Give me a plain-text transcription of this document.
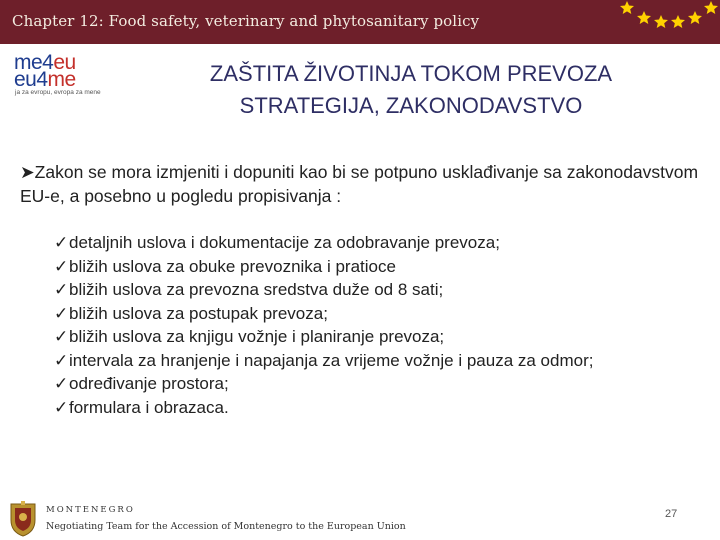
Chapter 12: Food safety, veterinary and phytosanitary policy
me4eu
eu4me
ja za evropu, evropa za mene
ZAŠTITA ŽIVOTINJA TOKOM PREVOZA
STRATEGIJA, ZAKONODAVSTVO
➤Zakon se mora izmjeniti i dopuniti kao bi se potpuno usklađivanje sa zakonodavstvom EU-e, a posebno u pogledu propisivanja :
✓detaljnih uslova i dokumentacije za odobravanje prevoza;
✓bližih uslova za obuke prevoznika i pratioce
✓bližih uslova za prevozna sredstva duže od 8 sati;
✓bližih uslova za postupak prevoza;
✓bližih uslova za knjigu vožnje i planiranje prevoza;
✓intervala za hranjenje i napajanja za vrijeme vožnje i pauza za odmor;
✓određivanje prostora;
✓formulara i obrazaca.
MONTENEGRO
Negotiating Team for the Accession of Montenegro to the European Union
27
